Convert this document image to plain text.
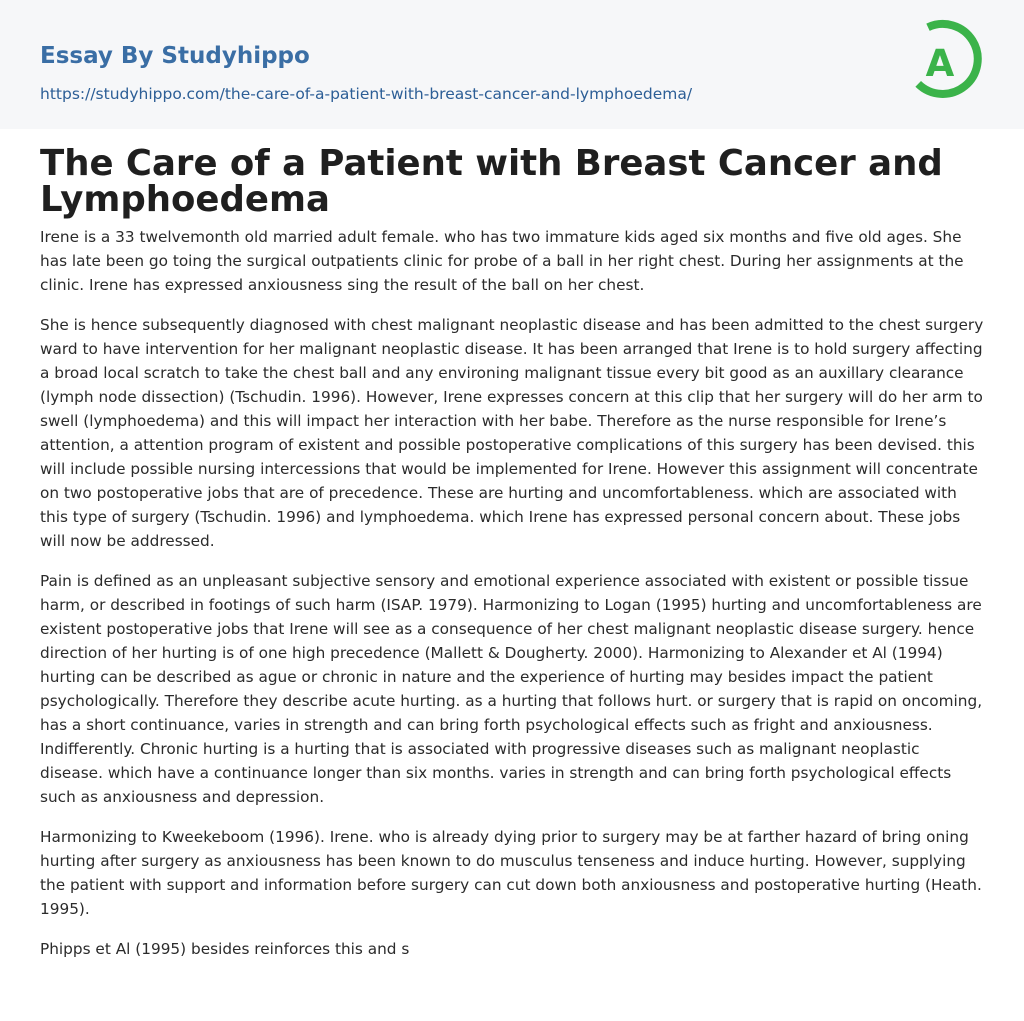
Essay By Studyhippo
https://studyhippo.com/the-care-of-a-patient-with-breast-cancer-and-lymphoedema/
A
The Care of a Patient with Breast Cancer and Lymphoedema

Irene is a 33 twelvemonth old married adult female. who has two immature kids aged six months and five old ages. She has late been go toing the surgical outpatients clinic for probe of a ball in her right chest. During her assignments at the clinic. Irene has expressed anxiousness sing the result of the ball on her chest.

She is hence subsequently diagnosed with chest malignant neoplastic disease and has been admitted to the chest surgery ward to have intervention for her malignant neoplastic disease. It has been arranged that Irene is to hold surgery affecting a broad local scratch to take the chest ball and any environing malignant tissue every bit good as an auxillary clearance (lymph node dissection) (Tschudin. 1996). However, Irene expresses concern at this clip that her surgery will do her arm to swell (lymphoedema) and this will impact her interaction with her babe. Therefore as the nurse responsible for Irene’s attention, a attention program of existent and possible postoperative complications of this surgery has been devised. this will include possible nursing intercessions that would be implemented for Irene. However this assignment will concentrate on two postoperative jobs that are of precedence. These are hurting and uncomfortableness. which are associated with this type of surgery (Tschudin. 1996) and lymphoedema. which Irene has expressed personal concern about. These jobs will now be addressed.

Pain is defined as an unpleasant subjective sensory and emotional experience associated with existent or possible tissue harm, or described in footings of such harm (ISAP. 1979). Harmonizing to Logan (1995) hurting and uncomfortableness are existent postoperative jobs that Irene will see as a consequence of her chest malignant neoplastic disease surgery. hence direction of her hurting is of one high precedence (Mallett & Dougherty. 2000). Harmonizing to Alexander et Al (1994) hurting can be described as ague or chronic in nature and the experience of hurting may besides impact the patient psychologically. Therefore they describe acute hurting. as a hurting that follows hurt. or surgery that is rapid on oncoming, has a short continuance, varies in strength and can bring forth psychological effects such as fright and anxiousness. Indifferently. Chronic hurting is a hurting that is associated with progressive diseases such as malignant neoplastic disease. which have a continuance longer than six months. varies in strength and can bring forth psychological effects such as anxiousness and depression.

Harmonizing to Kweekeboom (1996). Irene. who is already dying prior to surgery may be at farther hazard of bring oning hurting after surgery as anxiousness has been known to do musculus tenseness and induce hurting. However, supplying the patient with support and information before surgery can cut down both anxiousness and postoperative hurting (Heath. 1995).

Phipps et Al (1995) besides reinforces this and s
